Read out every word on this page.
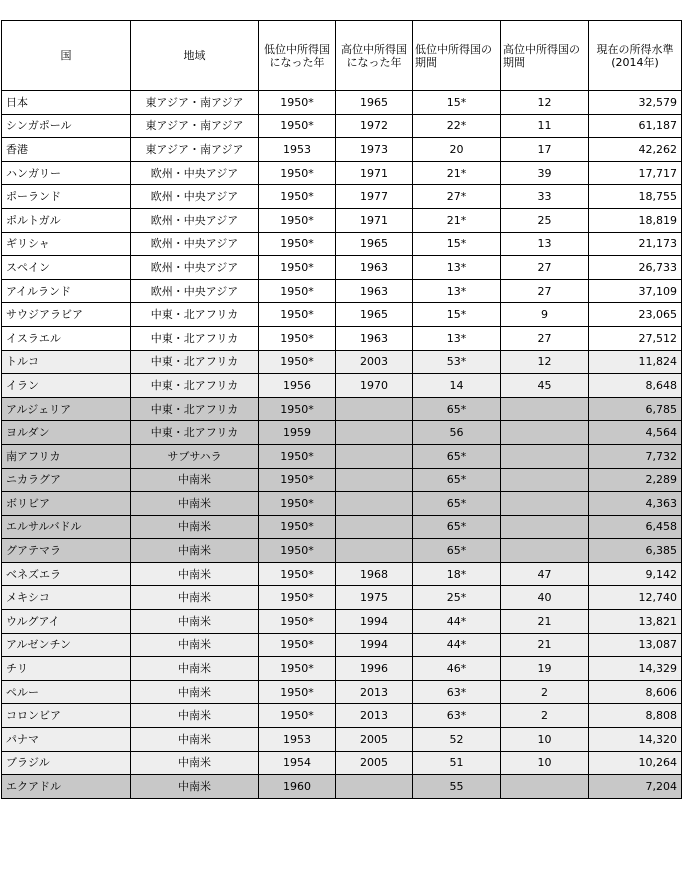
国	地域	低位中所得国になった年	高位中所得国になった年	低位中所得国の期間	高位中所得国の期間	現在の所得水準(2014年)
日本	東アジア・南アジア	1950*	1965	15*	12	32,579
シンガポール	東アジア・南アジア	1950*	1972	22*	11	61,187
香港	東アジア・南アジア	1953	1973	20	17	42,262
ハンガリー	欧州・中央アジア	1950*	1971	21*	39	17,717
ポーランド	欧州・中央アジア	1950*	1977	27*	33	18,755
ポルトガル	欧州・中央アジア	1950*	1971	21*	25	18,819
ギリシャ	欧州・中央アジア	1950*	1965	15*	13	21,173
スペイン	欧州・中央アジア	1950*	1963	13*	27	26,733
アイルランド	欧州・中央アジア	1950*	1963	13*	27	37,109
サウジアラビア	中東・北アフリカ	1950*	1965	15*	9	23,065
イスラエル	中東・北アフリカ	1950*	1963	13*	27	27,512
トルコ	中東・北アフリカ	1950*	2003	53*	12	11,824
イラン	中東・北アフリカ	1956	1970	14	45	8,648
アルジェリア	中東・北アフリカ	1950*		65*		6,785
ヨルダン	中東・北アフリカ	1959		56		4,564
南アフリカ	サブサハラ	1950*		65*		7,732
ニカラグア	中南米	1950*		65*		2,289
ボリビア	中南米	1950*		65*		4,363
エルサルバドル	中南米	1950*		65*		6,458
グアテマラ	中南米	1950*		65*		6,385
ベネズエラ	中南米	1950*	1968	18*	47	9,142
メキシコ	中南米	1950*	1975	25*	40	12,740
ウルグアイ	中南米	1950*	1994	44*	21	13,821
アルゼンチン	中南米	1950*	1994	44*	21	13,087
チリ	中南米	1950*	1996	46*	19	14,329
ペルー	中南米	1950*	2013	63*	2	8,606
コロンビア	中南米	1950*	2013	63*	2	8,808
パナマ	中南米	1953	2005	52	10	14,320
ブラジル	中南米	1954	2005	51	10	10,264
エクアドル	中南米	1960		55		7,204
